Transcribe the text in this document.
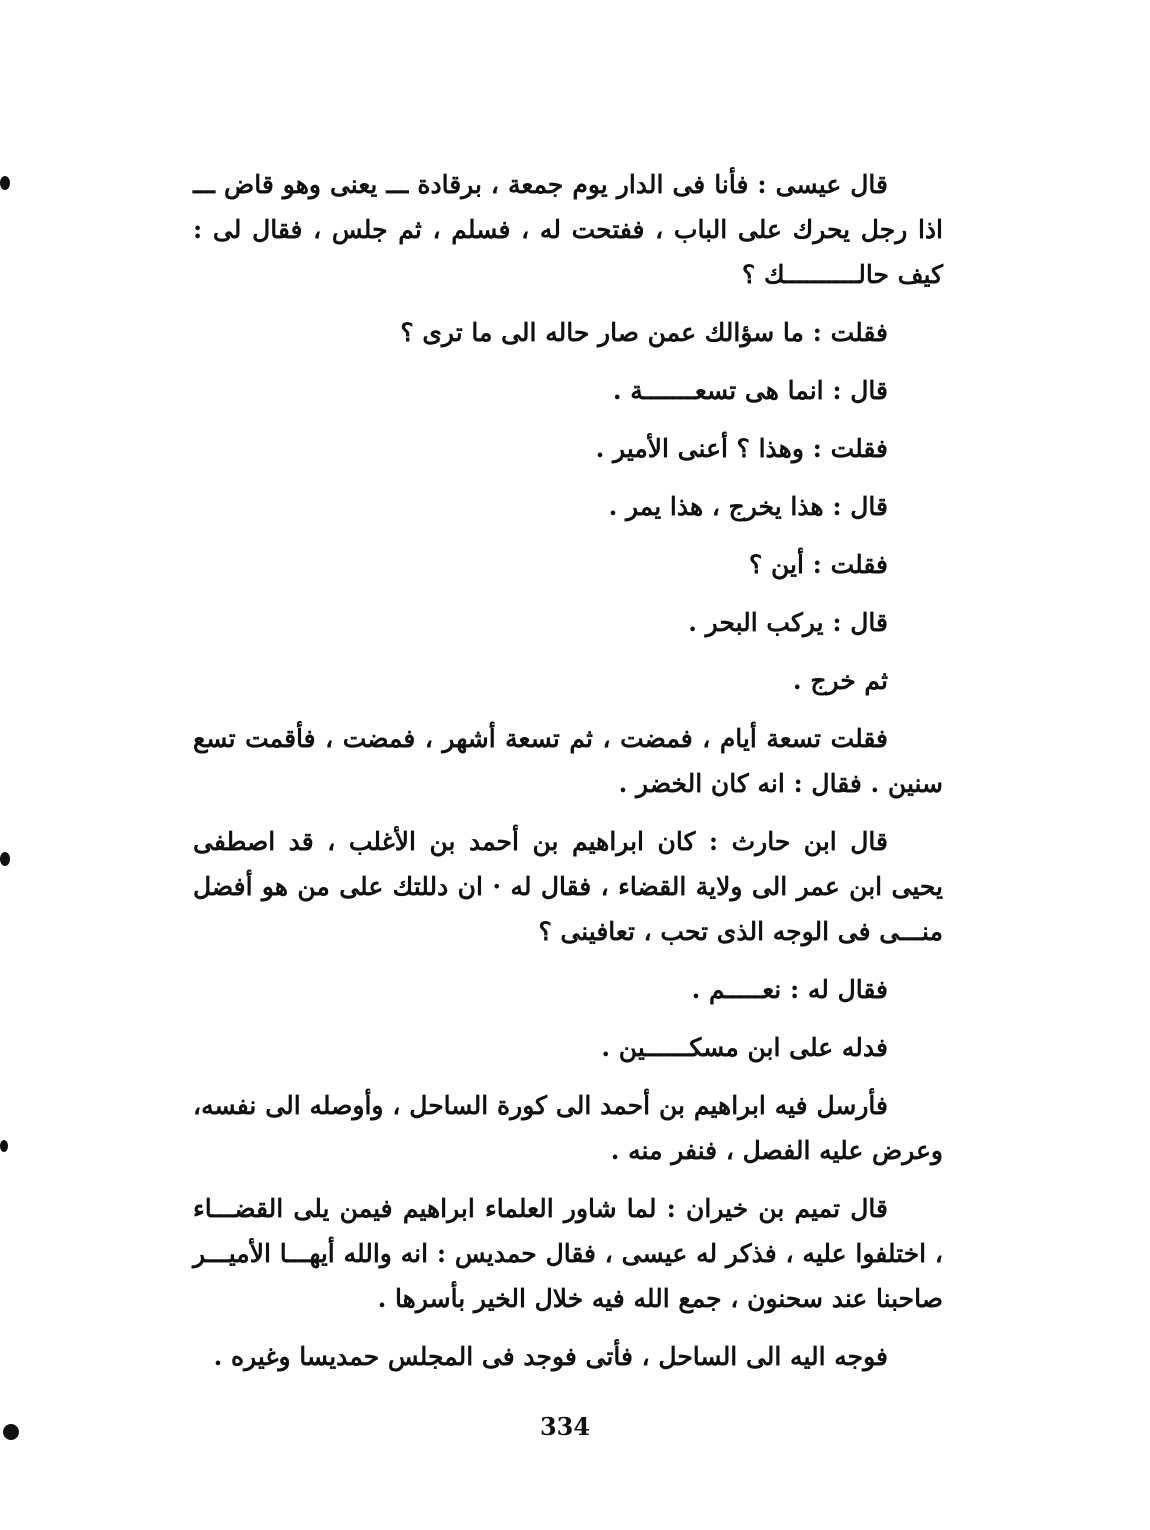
قال عيسى : فأنا فى الدار يوم جمعة ، برقادة ـــ يعنى وهو قاض ـــ اذا رجل يحرك على الباب ، ففتحت له ، فسلم ، ثم جلس ، فقال لى : كيف حالــــــــــك ؟

فقلت : ما سؤالك عمن صار حاله الى ما ترى ؟

قال : انما هى تسعـــــــة .

فقلت : وهذا ؟ أعنى الأمير .

قال : هذا يخرج ، هذا يمر .

فقلت : أين ؟

قال : يركب البحر .

ثم خرج .

فقلت تسعة أيام ، فمضت ، ثم تسعة أشهر ، فمضت ، فأقمت تسع سنين . فقال : انه كان الخضر .

قال ابن حارث : كان ابراهيم بن أحمد بن الأغلب ، قد اصطفى يحيى ابن عمر الى ولاية القضاء ، فقال له · ان دللتك على من هو أفضل منـــى فى الوجه الذى تحب ، تعافينى ؟

فقال له : نعـــــم .

فدله على ابن مسكــــــين .

فأرسل فيه ابراهيم بن أحمد الى كورة الساحل ، وأوصله الى نفسه، وعرض عليه الفصل ، فنفر منه .

قال تميم بن خيران : لما شاور العلماء ابراهيم فيمن يلى القضـــاء ، اختلفوا عليه ، فذكر له عيسى ، فقال حمديس : انه والله أيهـــا الأميـــر صاحبنا عند سحنون ، جمع الله فيه خلال الخير بأسرها .

فوجه اليه الى الساحل ، فأتى فوجد فى المجلس حمديسا وغيره .

334
